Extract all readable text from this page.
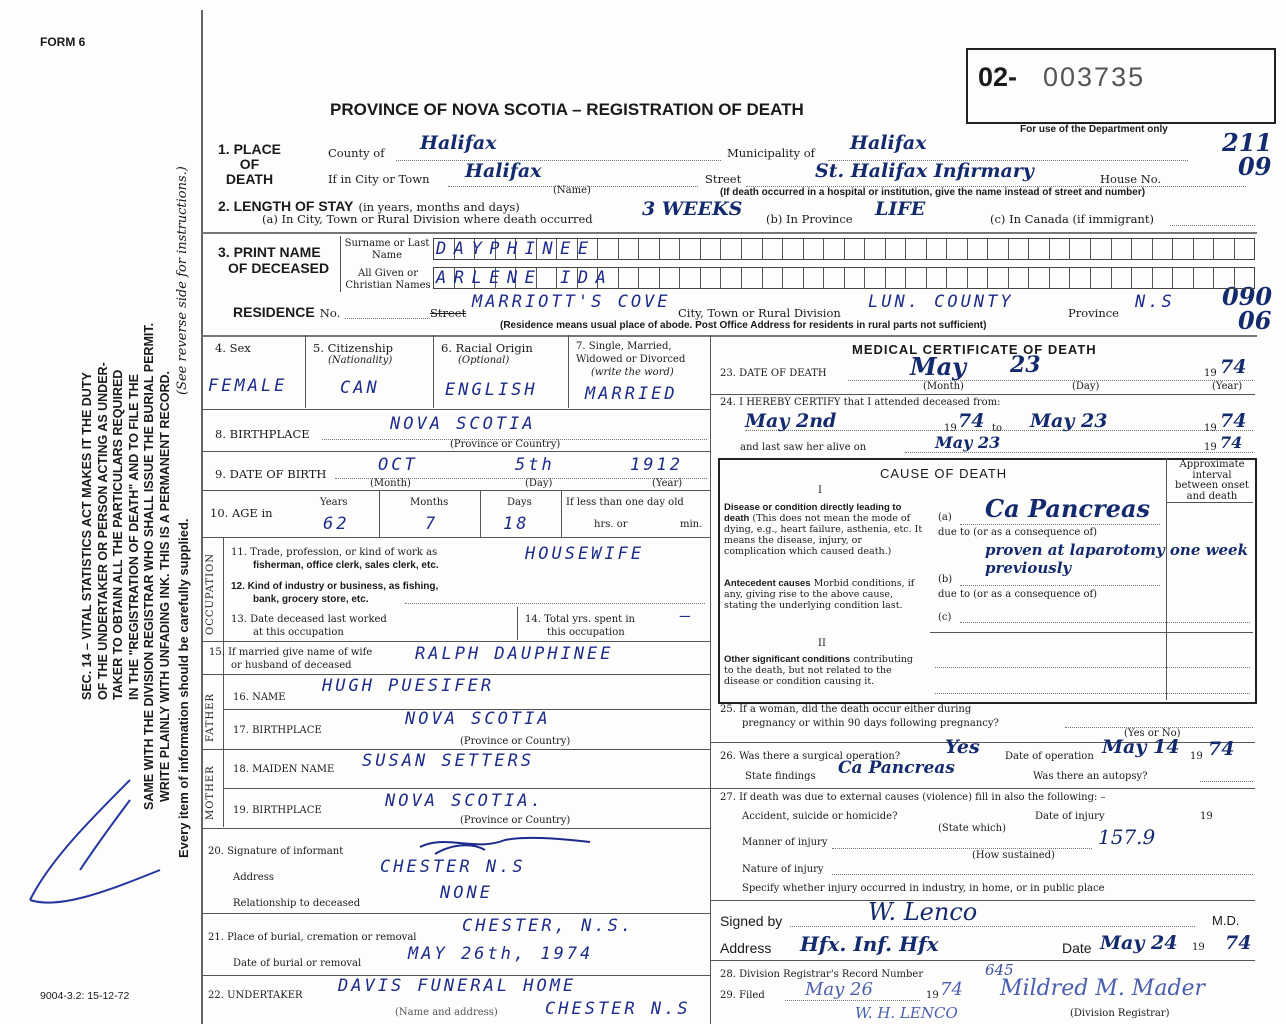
FORM 6
SEC. 14 – VITAL STATISTICS ACT MAKES IT THE DUTY OF THE UNDERTAKER OR PERSON ACTING AS UNDER- TAKER TO OBTAIN ALL THE PARTICULARS REQUIRED IN THE "REGISTRATION OF DEATH" AND TO FILE THE SAME WITH THE DIVISION REGISTRAR WHO SHALL ISSUE THE BURIAL PERMIT. WRITE PLAINLY WITH UNFADING INK. THIS IS A PERMANENT RECORD. Every item of information should be carefully supplied.
(See reverse side for instructions.)
9004-3.2: 15-12-72
02- 003735
PROVINCE OF NOVA SCOTIA – REGISTRATION OF DEATH
For use of the Department only 211
09
090
06
1. PLACE
OF
DEATH
County of Halifax	Municipality of Halifax
If in City or Town Halifax
(Name)
Street	St. Halifax Infirmary	House No.
(If death occurred in a hospital or institution, give the name instead of street and number)
2. LENGTH OF STAY (in years, months and days)
(a) In City, Town or Rural Division where death occurred	3 WEEKS (b) In Province LIFE	(c) In Canada (if immigrant)
3. PRINT NAME
OF DECEASED
Surname or Last Name
All Given or Christian Names
DAYPHINEE
ARLENE IDA
RESIDENCE No.	Street
MARRIOTT'S COVE
City, Town or Rural Division
LUN. COUNTY
Province
N.S
(Residence means usual place of abode. Post Office Address for residents in rural parts not sufficient)
4. Sex
FEMALE
5. Citizenship
(Nationality)
CAN
6. Racial Origin
(Optional)
ENGLISH
7. Single, Married,
Widowed or Divorced
(write the word)
MARRIED
8. BIRTHPLACE	NOVA SCOTIA
(Province or Country)
9. DATE OF BIRTH	OCT	5th	1912
(Month)	(Day)	(Year)
10. AGE in
Years
62
Months
7
Days
18
If less than one day old
hrs. or	min.
OCCUPATION
11. Trade, profession, or kind of work as
fisherman, office clerk, sales clerk, etc.
HOUSEWIFE
12. Kind of industry or business, as fishing,
bank, grocery store, etc.
13. Date deceased last worked
at this occupation
14. Total yrs. spent in
this occupation
–
15. If married give name of wife
or husband of deceased
RALPH DAUPHINEE
FATHER 16. NAME
HUGH PUESIFER
17. BIRTHPLACE
NOVA SCOTIA
(Province or Country)
MOTHER 18. MAIDEN NAME SUSAN SETTERS
19. BIRTHPLACE	NOVA SCOTIA.
(Province or Country)
20. Signature of informant
Address
CHESTER N.S
Relationship to deceased
NONE
21. Place of burial, cremation or removal
CHESTER, N.S.
Date of burial or removal	MAY 26th, 1974
22. UNDERTAKER DAVIS FUNERAL HOME
(Name and address)	CHESTER N.S
MEDICAL CERTIFICATE OF DEATH
23. DATE OF DEATH	May 23	19 74
(Month)	(Day)	(Year)
24. I HEREBY CERTIFY that I attended deceased from:
May 2nd	19 74 to May 23	19 74
and last saw her alive on	May 23	19 74
CAUSE OF DEATH
Approximate interval between onset and death
I
Disease or condition directly leading to death (This does not mean the mode of dying, e.g., heart failure, asthenia, etc. It means the disease, injury, or complication which caused death.)
(a) Ca Pancreas
due to (or as a consequence of)
proven at laparotomy one week previously
Antecedent causes Morbid conditions, if any, giving rise to the above cause, stating the underlying condition last.
(b)
due to (or as a consequence of)
(c)
II
Other significant conditions contributing to the death, but not related to the disease or condition causing it.
25. If a woman, did the death occur either during
pregnancy or within 90 days following pregnancy?
(Yes or No)
26. Was there a surgical operation? Yes	Date of operation May 14 19 74
State findings Ca Pancreas	Was there an autopsy?
27. If death was due to external causes (violence) fill in also the following: –
Accident, suicide or homicide?	Date of injury	19
(State which)	157.9
Manner of injury
(How sustained)
Nature of injury
Specify whether injury occurred in industry, in home, or in public place
Signed by	W. Lenco	M.D.
Address Hfx. Inf. Hfx	Date May 24 19 74
28. Division Registrar's Record Number	645
29. Filed May 26	19 74 Mildred M. Mader
(Division Registrar)
W. H. LENCO
